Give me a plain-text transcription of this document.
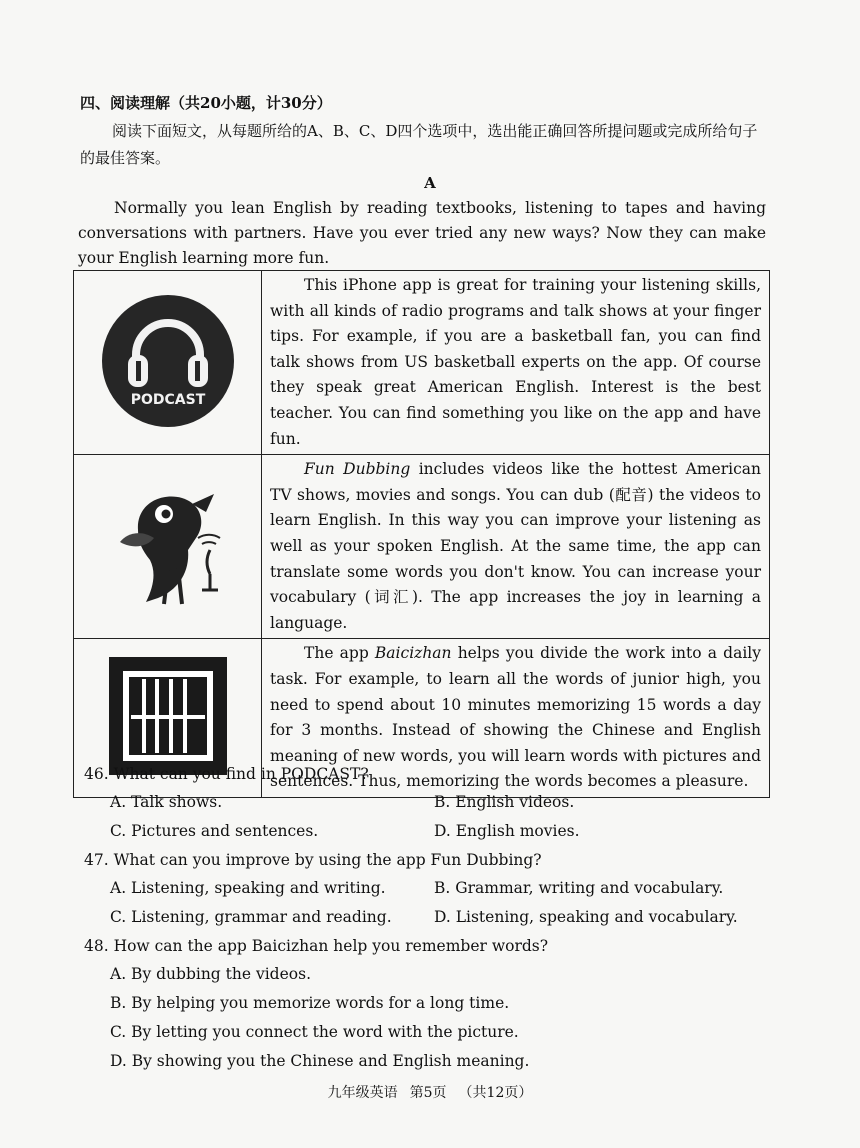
四、阅读理解（共20小题，计30分）
阅读下面短文，从每题所给的A、B、C、D四个选项中，选出能正确回答所提问题或完成所给句子的最佳答案。
A
Normally you lean English by reading textbooks, listening to tapes and having conversations with partners. Have you ever tried any new ways? Now they can make your English learning more fun.
PODCAST	This iPhone app is great for training your listening skills, with all kinds of radio programs and talk shows at your finger tips. For example, if you are a basketball fan, you can find talk shows from US basketball experts on the app. Of course they speak great American English. Interest is the best teacher. You can find something you like on the app and have fun.

Fun Dubbing includes videos like the hottest American TV shows, movies and songs. You can dub (配音) the videos to learn English. In this way you can improve your listening as well as your spoken English. At the same time, the app can translate some words you don't know. You can increase your vocabulary (词汇). The app increases the joy in learning a language.

The app Baicizhan helps you divide the work into a daily task. For example, to learn all the words of junior high, you need to spend about 10 minutes memorizing 15 words a day for 3 months. Instead of showing the Chinese and English meaning of new words, you will learn words with pictures and sentences. Thus, memorizing the words becomes a pleasure.

46. What can you find in PODCAST?
A. Talk shows.	B. English videos.
C. Pictures and sentences.	D. English movies.
47. What can you improve by using the app Fun Dubbing?
A. Listening, speaking and writing.	B. Grammar, writing and vocabulary.
C. Listening, grammar and reading.	D. Listening, speaking and vocabulary.
48. How can the app Baicizhan help you remember words?
A. By dubbing the videos.
B. By helping you memorize words for a long time.
C. By letting you connect the word with the picture.
D. By showing you the Chinese and English meaning.
九年级英语 第5页 （共12页）
